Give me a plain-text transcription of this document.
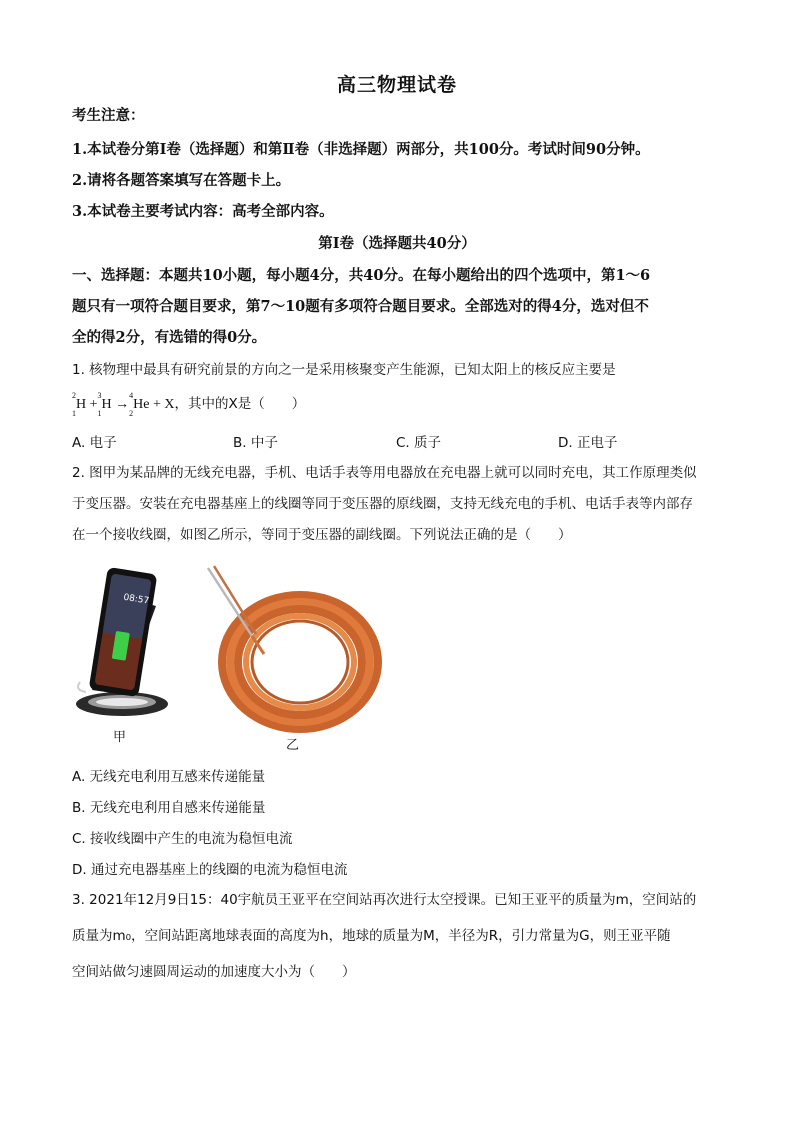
高三物理试卷
考生注意：
1.本试卷分第Ⅰ卷（选择题）和第Ⅱ卷（非选择题）两部分，共100分。考试时间90分钟。
2.请将各题答案填写在答题卡上。
3.本试卷主要考试内容：高考全部内容。
第Ⅰ卷（选择题共40分）
一、选择题：本题共10小题，每小题4分，共40分。在每小题给出的四个选项中，第1～6
题只有一项符合题目要求，第7～10题有多项符合题目要求。全部选对的得4分，选对但不
全的得2分，有选错的得0分。
1. 核物理中最具有研究前景的方向之一是采用核聚变产生能源，已知太阳上的核反应主要是
$^2$
$_1$H +$^3$
$_1$H →$^4$
$_2$He + X，其中的X是（　　）
A. 电子	B. 中子	C. 质子	D. 正电子
2. 图甲为某品牌的无线充电器，手机、电话手表等用电器放在充电器上就可以同时充电，其工作原理类似
于变压器。安装在充电器基座上的线圈等同于变压器的原线圈，支持无线充电的手机、电话手表等内部存
在一个接收线圈，如图乙所示，等同于变压器的副线圈。下列说法正确的是（　　）
08:57
甲
乙
A. 无线充电利用互感来传递能量
B. 无线充电利用自感来传递能量
C. 接收线圈中产生的电流为稳恒电流
D. 通过充电器基座上的线圈的电流为稳恒电流
3. 2021年12月9日15：40宇航员王亚平在空间站再次进行太空授课。已知王亚平的质量为m，空间站的
质量为m₀，空间站距离地球表面的高度为h，地球的质量为M，半径为R，引力常量为G，则王亚平随
空间站做匀速圆周运动的加速度大小为（　　）
